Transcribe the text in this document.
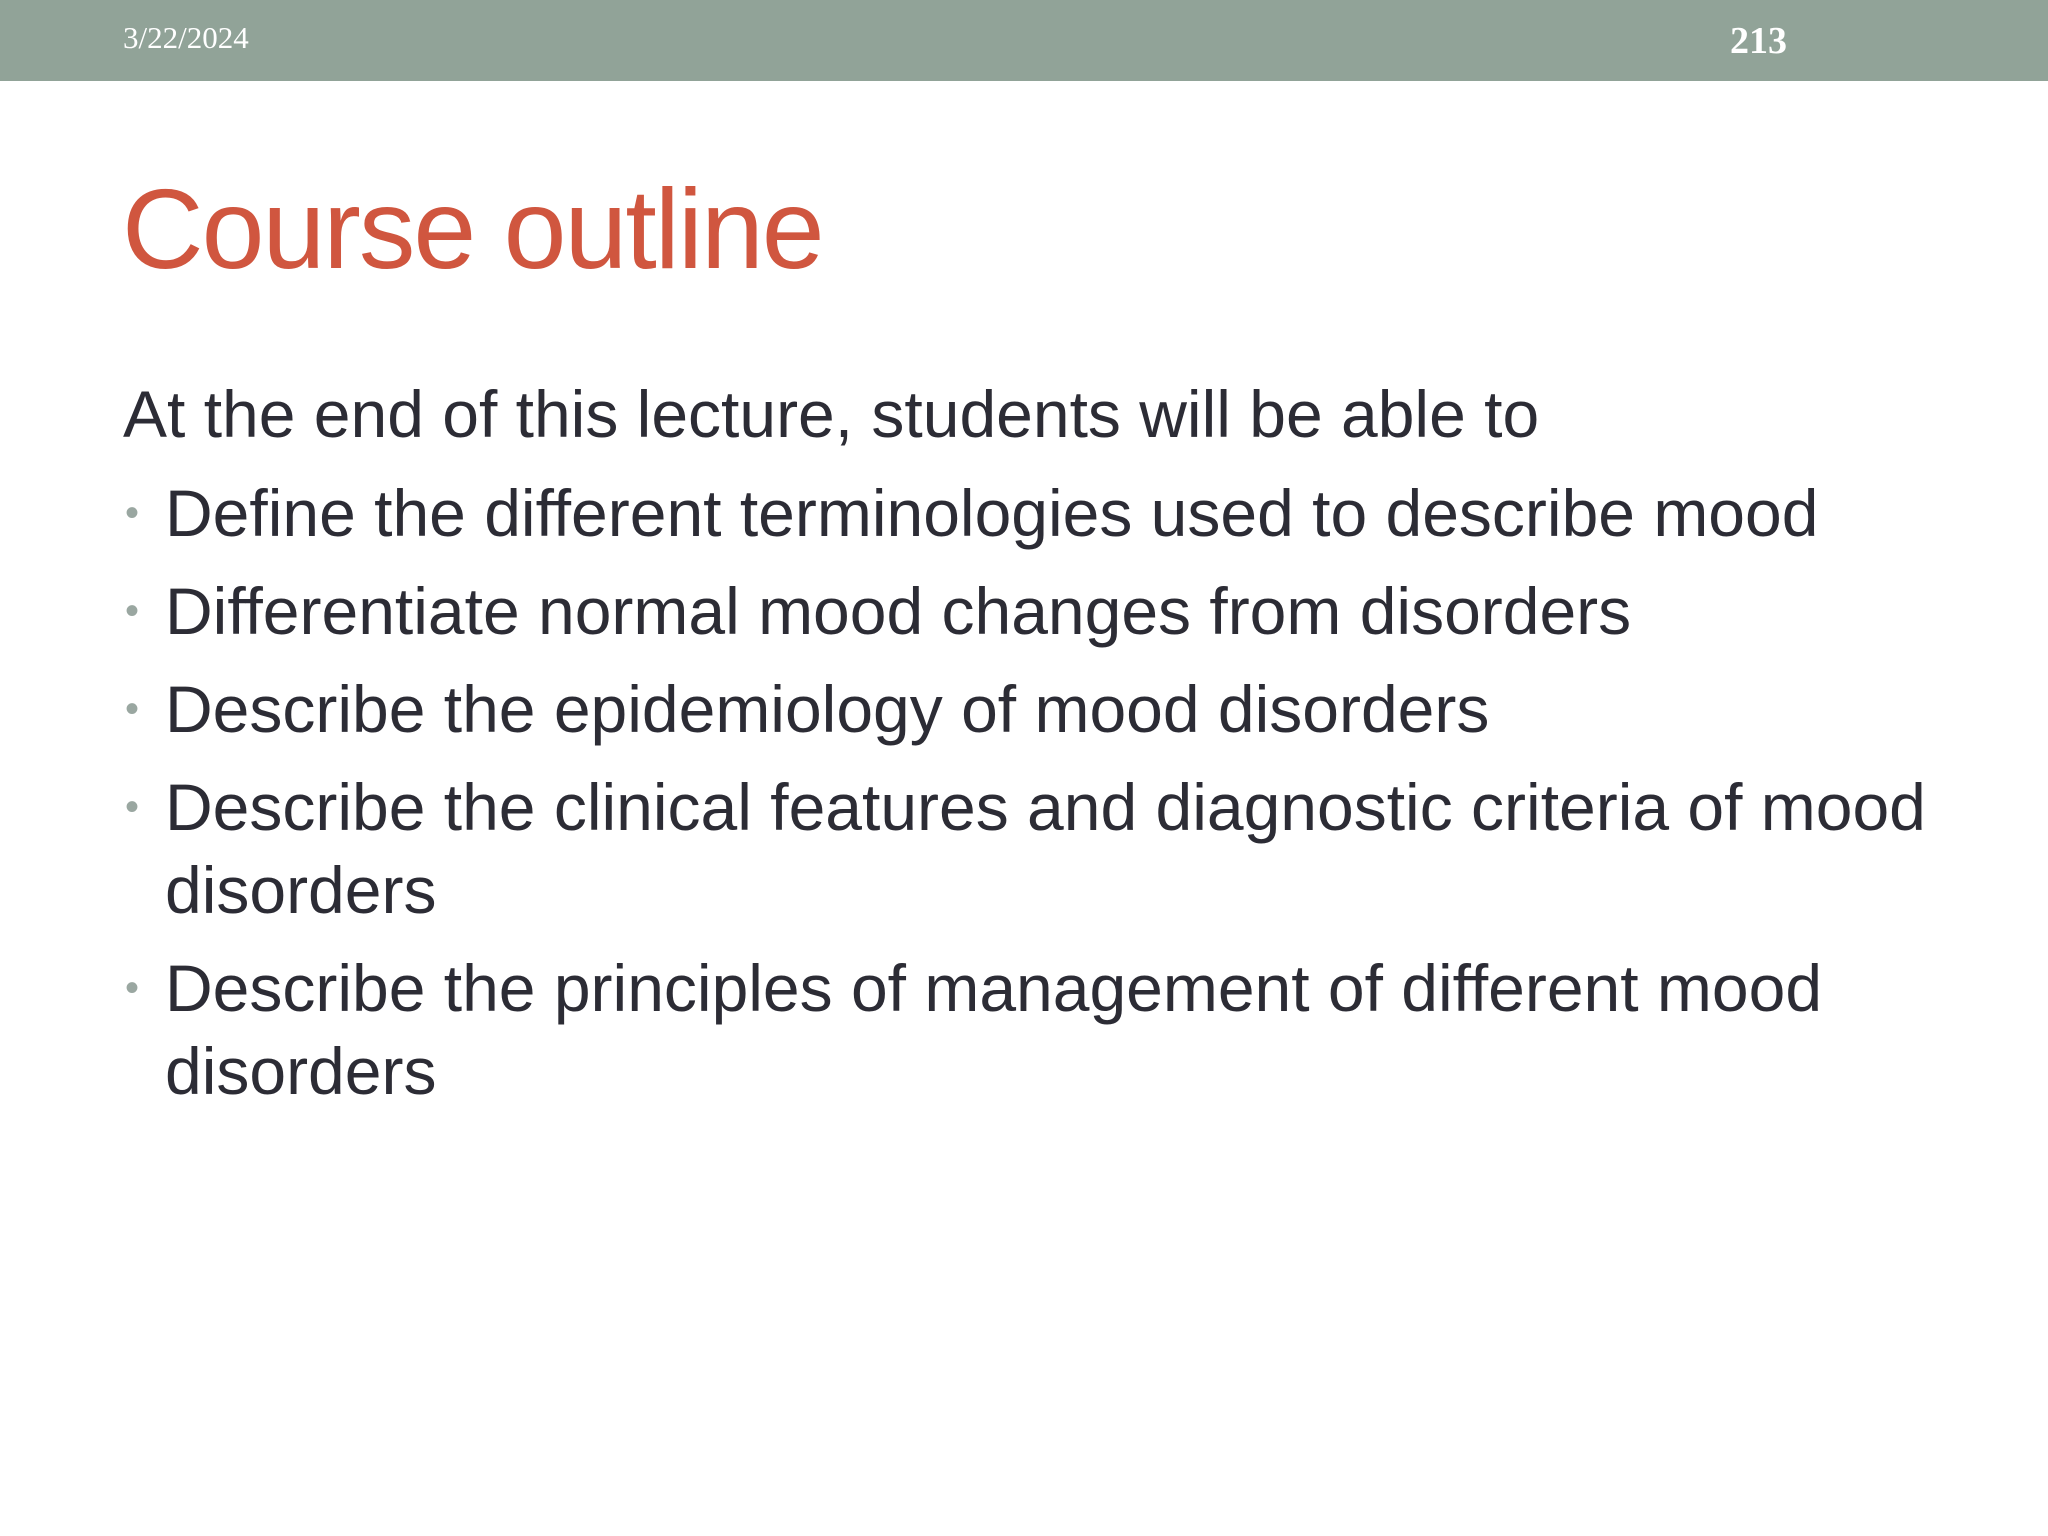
3/22/2024	213
Course outline

At the end of this lecture, students will be able to

• Define the different terminologies used to describe mood
• Differentiate normal mood changes from disorders
• Describe the epidemiology of mood disorders
• Describe the clinical features and diagnostic criteria of mood disorders
• Describe the principles of management of different mood disorders
